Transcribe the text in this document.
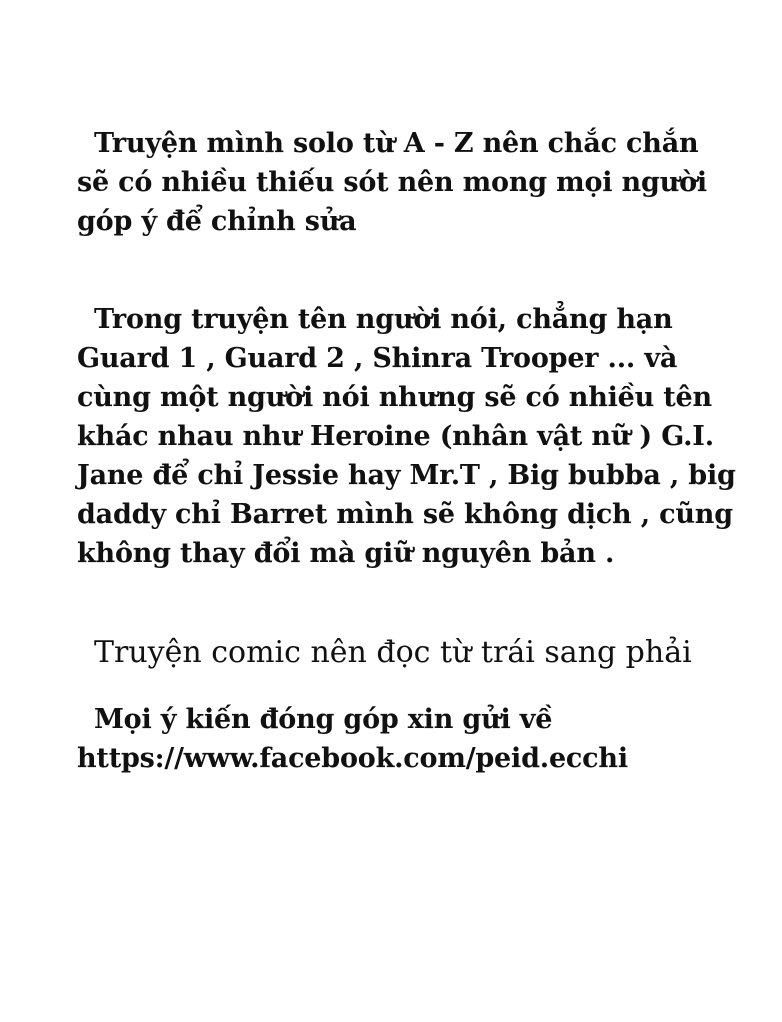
Truyện mình solo từ A - Z nên chắc chắn
sẽ có nhiều thiếu sót nên mong mọi người
góp ý để chỉnh sửa
Trong truyện tên người nói, chẳng hạn
Guard 1 , Guard 2 , Shinra Trooper ... và
cùng một người nói nhưng sẽ có nhiều tên
khác nhau như Heroine (nhân vật nữ ) G.I.
Jane để chỉ Jessie hay Mr.T , Big bubba , big
daddy chỉ Barret mình sẽ không dịch , cũng
không thay đổi mà giữ nguyên bản .
Truyện comic nên đọc từ trái sang phải
Mọi ý kiến đóng góp xin gửi về
https://www.facebook.com/peid.ecchi
